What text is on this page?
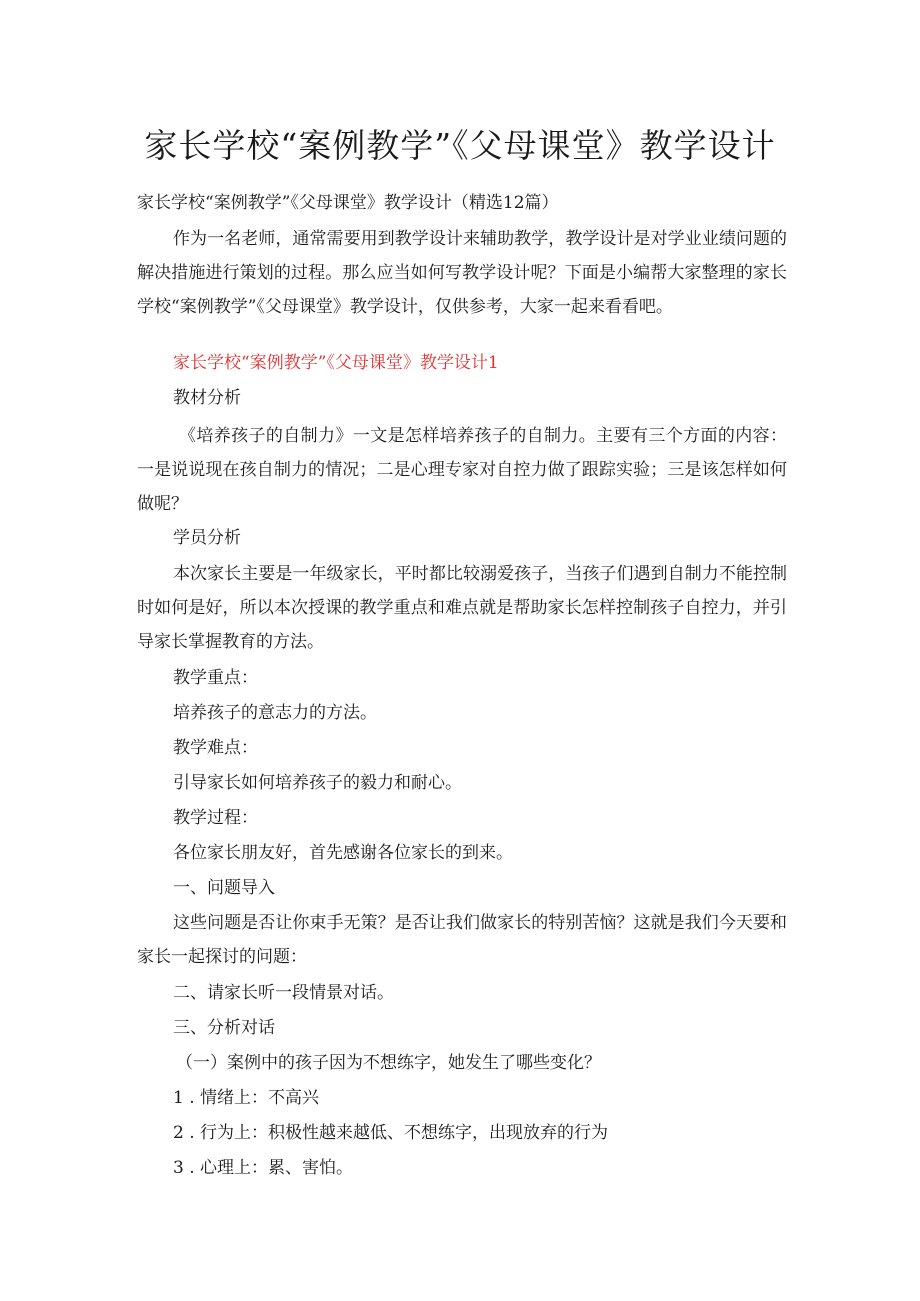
家长学校“案例教学”《父母课堂》教学设计
家长学校“案例教学”《父母课堂》教学设计（精选12篇）
作为一名老师，通常需要用到教学设计来辅助教学，教学设计是对学业业绩问题的解决措施进行策划的过程。那么应当如何写教学设计呢？下面是小编帮大家整理的家长学校“案例教学”《父母课堂》教学设计，仅供参考，大家一起来看看吧。
家长学校“案例教学”《父母课堂》教学设计1
教材分析
《培养孩子的自制力》一文是怎样培养孩子的自制力。主要有三个方面的内容：一是说说现在孩自制力的情况；二是心理专家对自控力做了跟踪实验；三是该怎样如何做呢？
学员分析
本次家长主要是一年级家长，平时都比较溺爱孩子，当孩子们遇到自制力不能控制时如何是好，所以本次授课的教学重点和难点就是帮助家长怎样控制孩子自控力，并引导家长掌握教育的方法。
教学重点：
培养孩子的意志力的方法。
教学难点：
引导家长如何培养孩子的毅力和耐心。
教学过程：
各位家长朋友好，首先感谢各位家长的到来。
一、问题导入
这些问题是否让你束手无策？是否让我们做家长的特别苦恼？这就是我们今天要和家长一起探讨的问题：
二、请家长听一段情景对话。
三、分析对话
（一）案例中的孩子因为不想练字，她发生了哪些变化？
1 . 情绪上：不高兴
2 . 行为上：积极性越来越低、不想练字，出现放弃的行为
3 . 心理上：累、害怕。
